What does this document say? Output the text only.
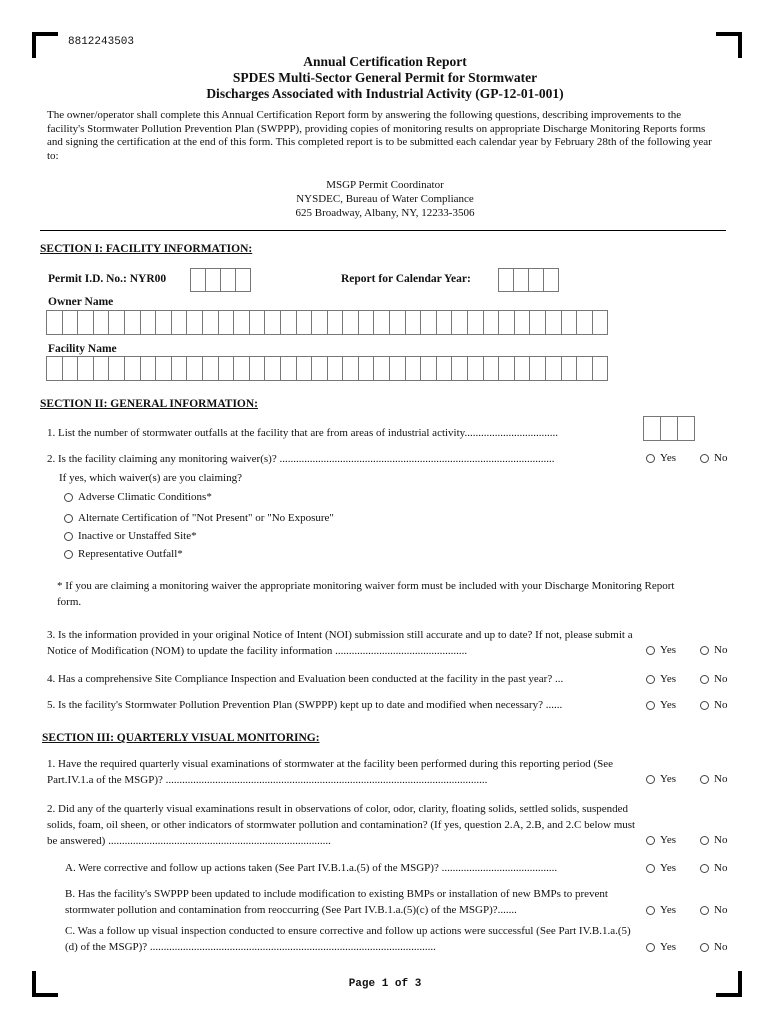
8812243503
Annual Certification Report
SPDES Multi-Sector General Permit for Stormwater
Discharges Associated with Industrial Activity (GP-12-01-001)
The owner/operator shall complete this Annual Certification Report form by answering the following questions, describing improvements to the facility's Stormwater Pollution Prevention Plan (SWPPP), providing copies of monitoring results on appropriate Discharge Monitoring Reports forms and signing the certification at the end of this form. This completed report is to be submitted each calendar year by February 28th of the following year to:
MSGP Permit Coordinator
NYSDEC, Bureau of Water Compliance
625 Broadway, Albany, NY, 12233-3506
SECTION I: FACILITY INFORMATION:
Permit I.D. No.: NYR00	Report for Calendar Year:
Owner Name
Facility Name
SECTION II: GENERAL INFORMATION:
1. List the number of stormwater outfalls at the facility that are from areas of industrial activity..................................
2. Is the facility claiming any monitoring waiver(s)? ....................................................................................................	Yes	No
If yes, which waiver(s) are you claiming?
Adverse Climatic Conditions*
Alternate Certification of "Not Present" or "No Exposure"
Inactive or Unstaffed Site*
Representative Outfall*
* If you are claiming a monitoring waiver the appropriate monitoring waiver form must be included with your Discharge Monitoring Report form.
3. Is the information provided in your original Notice of Intent (NOI) submission still accurate and up to date? If not, please submit a Notice of Modification (NOM) to update the facility information ................................................	Yes	No
4. Has a comprehensive Site Compliance Inspection and Evaluation been conducted at the facility in the past year? ...	Yes	No
5. Is the facility's Stormwater Pollution Prevention Plan (SWPPP) kept up to date and modified when necessary? ......	Yes	No
SECTION III: QUARTERLY VISUAL MONITORING:
1. Have the required quarterly visual examinations of stormwater at the facility been performed during this reporting period (See Part.IV.1.a of the MSGP)? .....................................................................................................................	Yes	No
2. Did any of the quarterly visual examinations result in observations of color, odor, clarity, floating solids, settled solids, suspended solids, foam, oil sheen, or other indicators of stormwater pollution and contamination? (If yes, question 2.A, 2.B, and 2.C below must be answered) .................................................................................	Yes	No
A. Were corrective and follow up actions taken (See Part IV.B.1.a.(5) of the MSGP)? ..........................................	Yes	No
B. Has the facility's SWPPP been updated to include modification to existing BMPs or installation of new BMPs to prevent stormwater pollution and contamination from reoccurring (See Part IV.B.1.a.(5)(c) of the MSGP)?.......	Yes	No
C. Was a follow up visual inspection conducted to ensure corrective and follow up actions were successful (See Part IV.B.1.a.(5)(d) of the MSGP)? ........................................................................................................	Yes	No
Page 1 of 3
